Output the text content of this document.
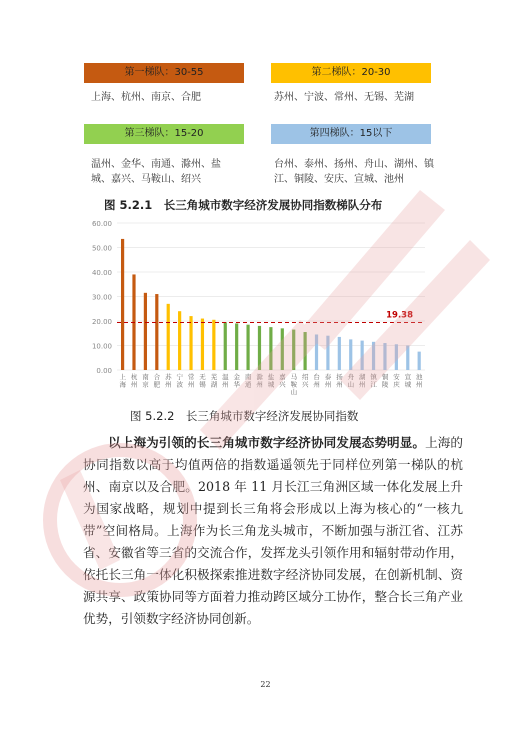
第一梯队：30-55	第二梯队：20-30
上海、杭州、南京、合肥	苏州、宁波、常州、无锡、芜湖
第三梯队：15-20	第四梯队：15以下
温州、金华、南通、滁州、盐
城、嘉兴、马鞍山、绍兴
台州、泰州、扬州、舟山、湖州、镇
江、铜陵、安庆、宣城、池州
图 5.2.1　长三角城市数字经济发展协同指数梯队分布
0.00
10.00
20.00
30.00
40.00
50.00
60.00
上
海
杭
州
南
京
合
肥
苏
州
宁
波
常
州
无
锡
芜
湖
温
州
金
华
南
通
滁
州
盐
城
嘉
兴
马
鞍
山
绍
兴
台
州
泰
州
扬
州
舟
山
湖
州
镇
江
铜
陵
安
庆
宣
城
池
州
19.38
图 5.2.2　长三角城市数字经济发展协同指数
以上海为引领的长三角城市数字经济协同发展态势明显。上海的协同指数以高于均值两倍的指数遥遥领先于同样位列第一梯队的杭州、南京以及合肥。2018 年 11 月长江三角洲区域一体化发展上升为国家战略，规划中提到长三角将会形成以上海为核心的“一核九带”空间格局。上海作为长三角龙头城市，不断加强与浙江省、江苏省、安徽省等三省的交流合作，发挥龙头引领作用和辐射带动作用，依托长三角一体化积极探索推进数字经济协同发展，在创新机制、资源共享、政策协同等方面着力推动跨区域分工协作，整合长三角产业优势，引领数字经济协同创新。
22
